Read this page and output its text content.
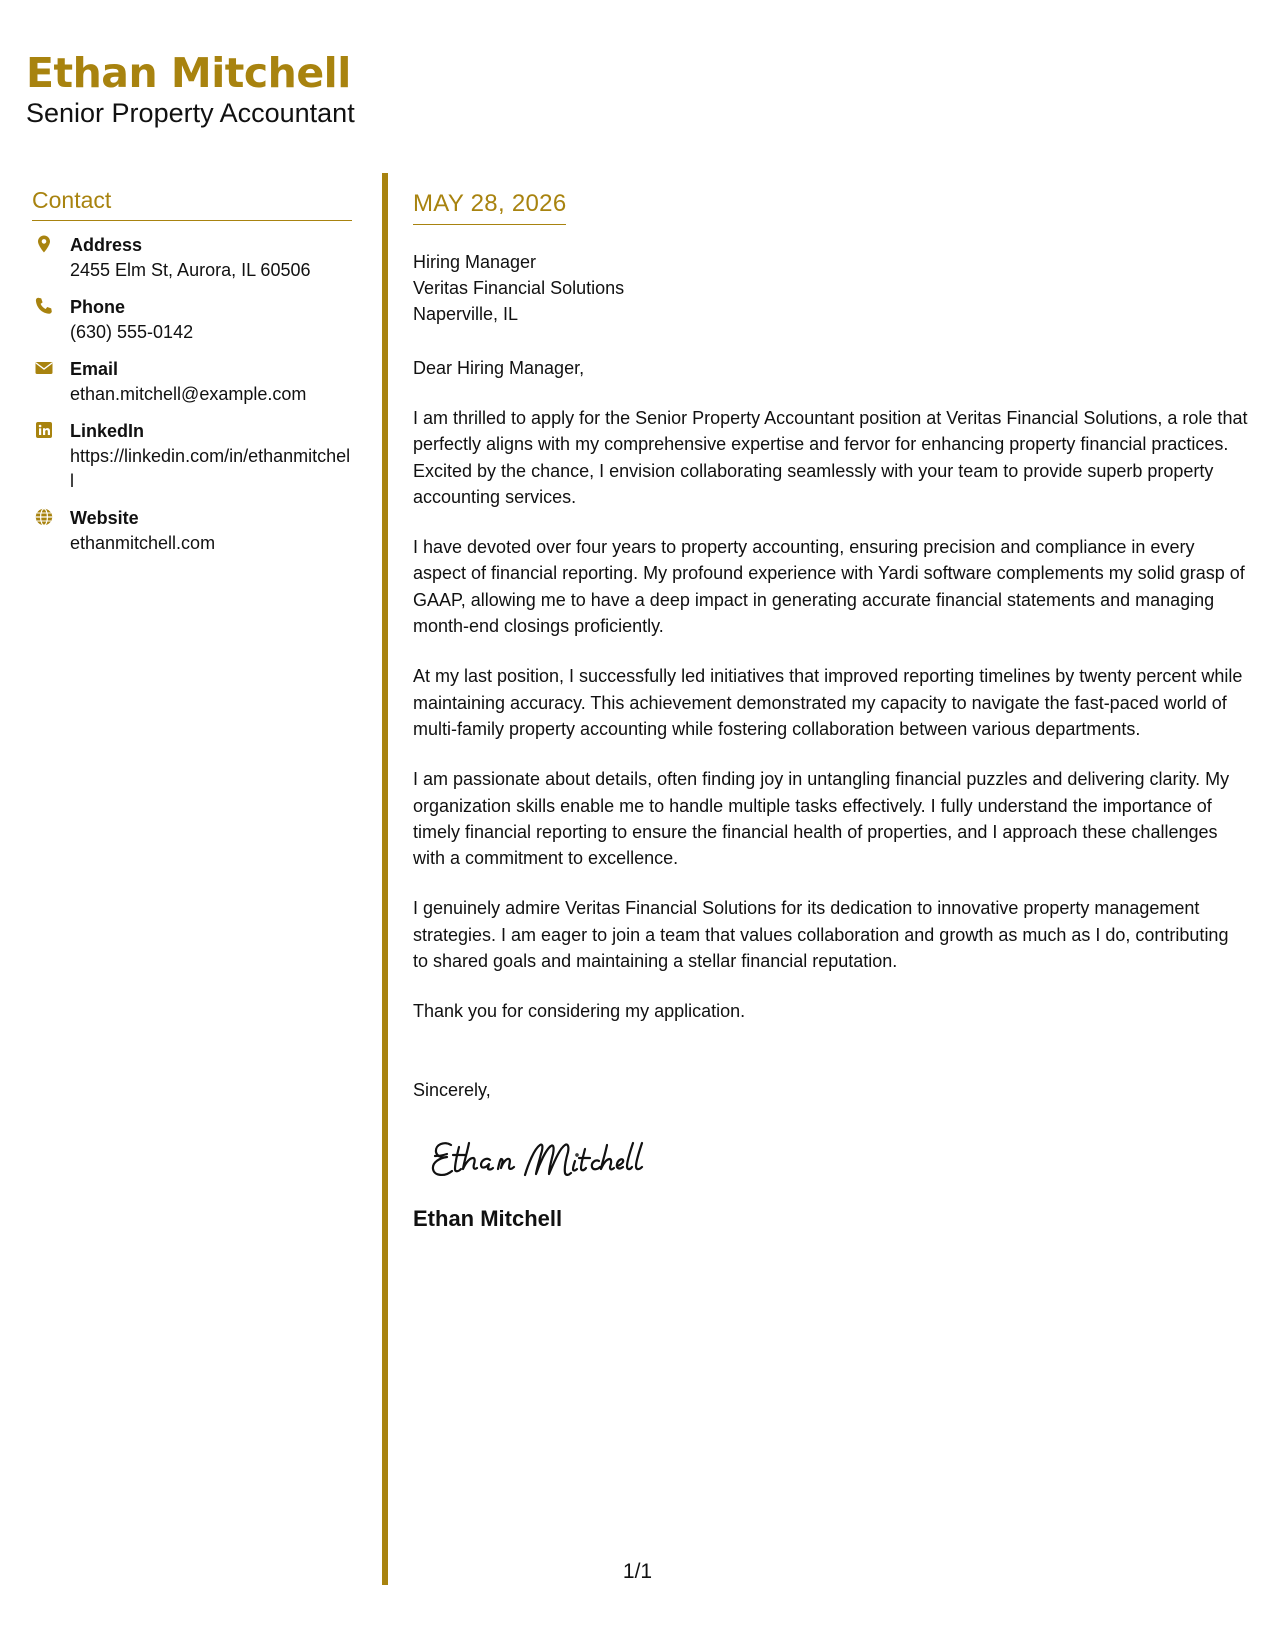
Ethan Mitchell
Senior Property Accountant
Contact
Address
2455 Elm St, Aurora, IL 60506
Phone
(630) 555-0142
Email
ethan.mitchell@example.com
LinkedIn
https://linkedin.com/in/ethanmitchell
Website
ethanmitchell.com
MAY 28, 2026
Hiring Manager
Veritas Financial Solutions
Naperville, IL
Dear Hiring Manager,
I am thrilled to apply for the Senior Property Accountant position at Veritas Financial Solutions, a role that perfectly aligns with my comprehensive expertise and fervor for enhancing property financial practices. Excited by the chance, I envision collaborating seamlessly with your team to provide superb property accounting services.
I have devoted over four years to property accounting, ensuring precision and compliance in every aspect of financial reporting. My profound experience with Yardi software complements my solid grasp of GAAP, allowing me to have a deep impact in generating accurate financial statements and managing month-end closings proficiently.
At my last position, I successfully led initiatives that improved reporting timelines by twenty percent while maintaining accuracy. This achievement demonstrated my capacity to navigate the fast-paced world of multi-family property accounting while fostering collaboration between various departments.
I am passionate about details, often finding joy in untangling financial puzzles and delivering clarity. My organization skills enable me to handle multiple tasks effectively. I fully understand the importance of timely financial reporting to ensure the financial health of properties, and I approach these challenges with a commitment to excellence.
I genuinely admire Veritas Financial Solutions for its dedication to innovative property management strategies. I am eager to join a team that values collaboration and growth as much as I do, contributing to shared goals and maintaining a stellar financial reputation.
Thank you for considering my application.
Sincerely,
Ethan Mitchell
1/1
